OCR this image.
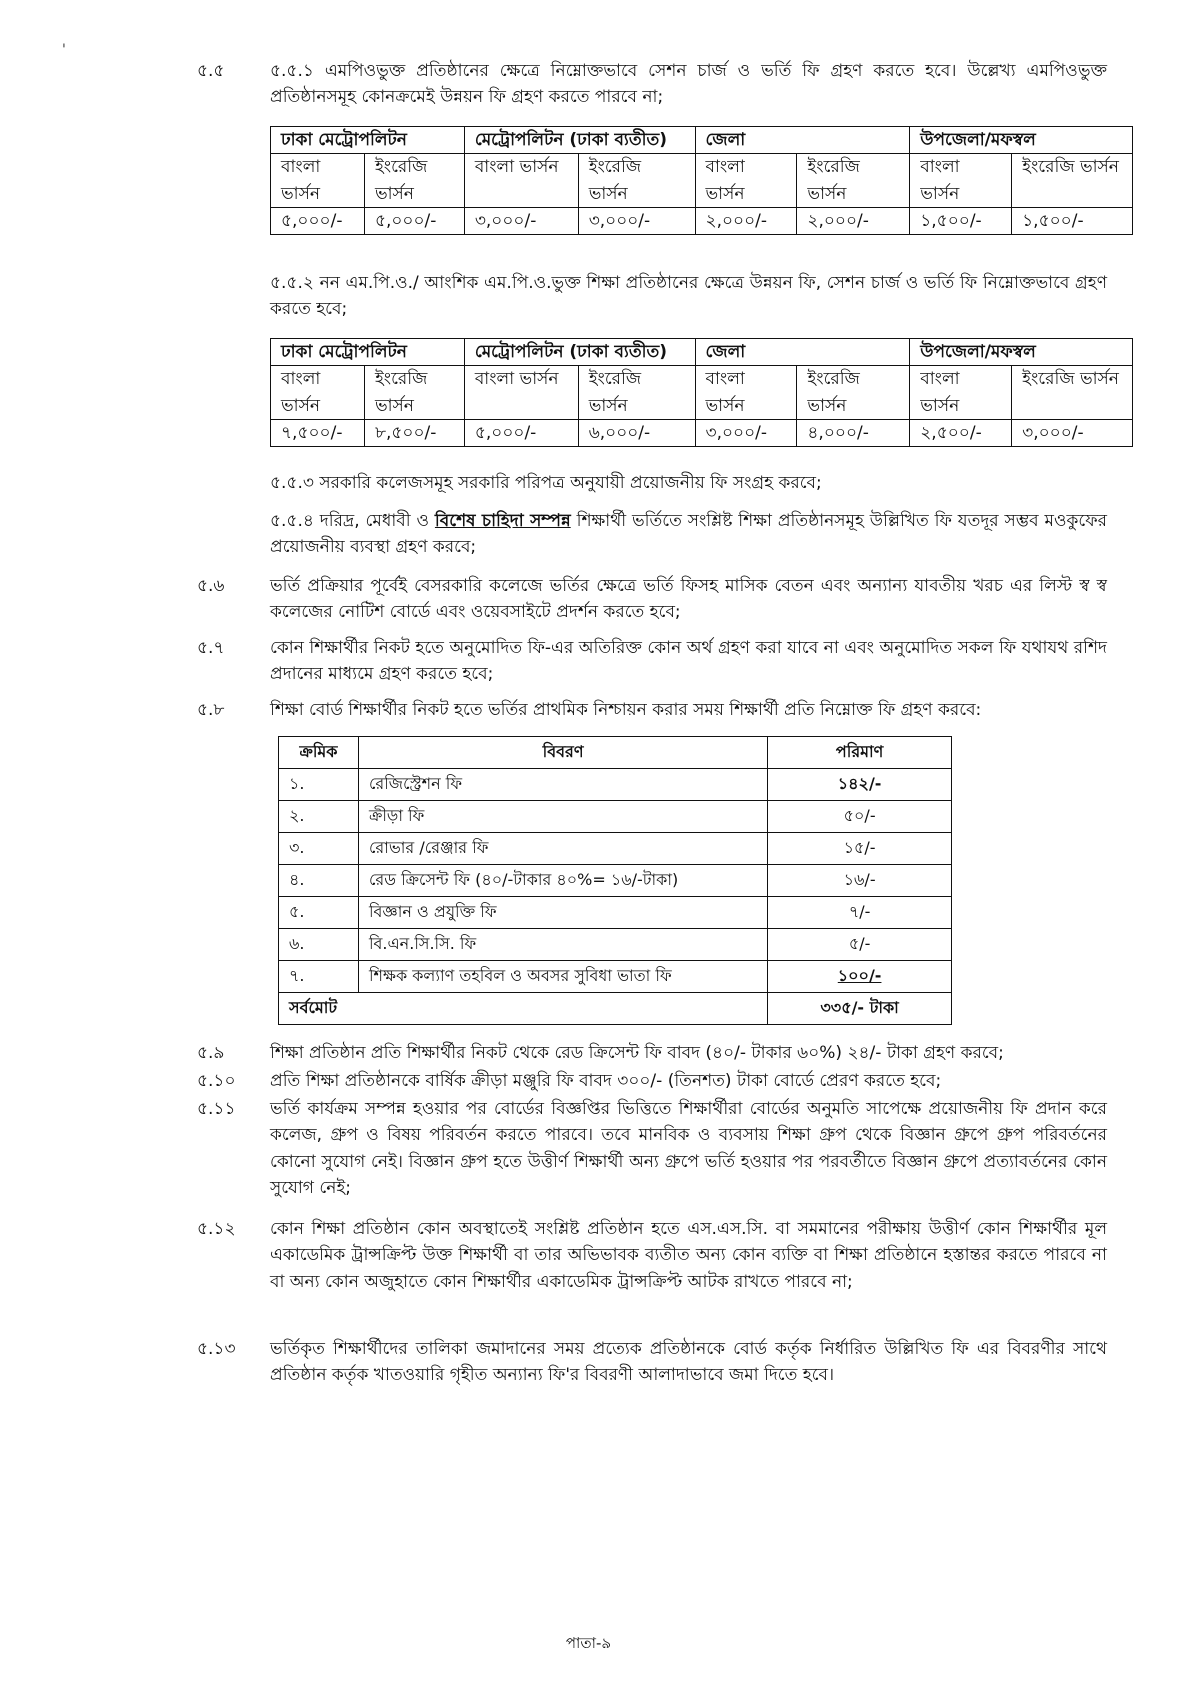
'
৫.৫	৫.৫.১ এমপিওভুক্ত প্রতিষ্ঠানের ক্ষেত্রে নিম্নোক্তভাবে সেশন চার্জ ও ভর্তি ফি গ্রহণ করতে হবে। উল্লেখ্য এমপিওভুক্ত প্রতিষ্ঠানসমূহ কোনক্রমেই উন্নয়ন ফি গ্রহণ করতে পারবে না;
ঢাকা মেট্রোপলিটন		মেট্রোপলিটন (ঢাকা ব্যতীত)		জেলা		উপজেলা/মফস্বল	
বাংলা ভার্সন	ইংরেজি ভার্সন	বাংলা ভার্সন	ইংরেজি ভার্সন	বাংলা ভার্সন	ইংরেজি ভার্সন	বাংলা ভার্সন	ইংরেজি ভার্সন
৫,০০০/-	৫,০০০/-	৩,০০০/-	৩,০০০/-	২,০০০/-	২,০০০/-	১,৫০০/-	১,৫০০/-
৫.৫.২ নন এম.পি.ও./ আংশিক এম.পি.ও.ভুক্ত শিক্ষা প্রতিষ্ঠানের ক্ষেত্রে উন্নয়ন ফি, সেশন চার্জ ও ভর্তি ফি নিম্নোক্তভাবে গ্রহণ করতে হবে;
ঢাকা মেট্রোপলিটন		মেট্রোপলিটন (ঢাকা ব্যতীত)		জেলা		উপজেলা/মফস্বল	
বাংলা ভার্সন	ইংরেজি ভার্সন	বাংলা ভার্সন	ইংরেজি ভার্সন	বাংলা ভার্সন	ইংরেজি ভার্সন	বাংলা ভার্সন	ইংরেজি ভার্সন
৭,৫০০/-	৮,৫০০/-	৫,০০০/-	৬,০০০/-	৩,০০০/-	৪,০০০/-	২,৫০০/-	৩,০০০/-
৫.৫.৩ সরকারি কলেজসমূহ সরকারি পরিপত্র অনুযায়ী প্রয়োজনীয় ফি সংগ্রহ করবে;
৫.৫.৪ দরিদ্র, মেধাবী ও বিশেষ চাহিদা সম্পন্ন শিক্ষার্থী ভর্তিতে সংশ্লিষ্ট শিক্ষা প্রতিষ্ঠানসমূহ উল্লিখিত ফি যতদূর সম্ভব মওকুফের প্রয়োজনীয় ব্যবস্থা গ্রহণ করবে;
৫.৬	ভর্তি প্রক্রিয়ার পূর্বেই বেসরকারি কলেজে ভর্তির ক্ষেত্রে ভর্তি ফিসহ মাসিক বেতন এবং অন্যান্য যাবতীয় খরচ এর লিস্ট স্ব স্ব কলেজের নোটিশ বোর্ডে এবং ওয়েবসাইটে প্রদর্শন করতে হবে;
৫.৭	কোন শিক্ষার্থীর নিকট হতে অনুমোদিত ফি-এর অতিরিক্ত কোন অর্থ গ্রহণ করা যাবে না এবং অনুমোদিত সকল ফি যথাযথ রশিদ প্রদানের মাধ্যমে গ্রহণ করতে হবে;
৫.৮	শিক্ষা বোর্ড শিক্ষার্থীর নিকট হতে ভর্তির প্রাথমিক নিশ্চায়ন করার সময় শিক্ষার্থী প্রতি নিম্নোক্ত ফি গ্রহণ করবে:
ক্রমিক	বিবরণ	পরিমাণ
১.	রেজিস্ট্রেশন ফি	১৪২/-
২.	ক্রীড়া ফি	৫০/-
৩.	রোভার /রেঞ্জার ফি	১৫/-
৪.	রেড ক্রিসেন্ট ফি (৪০/-টাকার ৪০%= ১৬/-টাকা)	১৬/-
৫.	বিজ্ঞান ও প্রযুক্তি ফি	৭/-
৬.	বি.এন.সি.সি. ফি	৫/-
৭.	শিক্ষক কল্যাণ তহবিল ও অবসর সুবিধা ভাতা ফি	১০০/-
সর্বমোট		৩৩৫/- টাকা
৫.৯	শিক্ষা প্রতিষ্ঠান প্রতি শিক্ষার্থীর নিকট থেকে রেড ক্রিসেন্ট ফি বাবদ (৪০/- টাকার ৬০%) ২৪/- টাকা গ্রহণ করবে;
৫.১০	প্রতি শিক্ষা প্রতিষ্ঠানকে বার্ষিক ক্রীড়া মঞ্জুরি ফি বাবদ ৩০০/- (তিনশত) টাকা বোর্ডে প্রেরণ করতে হবে;
৫.১১	ভর্তি কার্যক্রম সম্পন্ন হওয়ার পর বোর্ডের বিজ্ঞপ্তির ভিত্তিতে শিক্ষার্থীরা বোর্ডের অনুমতি সাপেক্ষে প্রয়োজনীয় ফি প্রদান করে কলেজ, গ্রুপ ও বিষয় পরিবর্তন করতে পারবে। তবে মানবিক ও ব্যবসায় শিক্ষা গ্রুপ থেকে বিজ্ঞান গ্রুপে গ্রুপ পরিবর্তনের কোনো সুযোগ নেই। বিজ্ঞান গ্রুপ হতে উত্তীর্ণ শিক্ষার্থী অন্য গ্রুপে ভর্তি হওয়ার পর পরবর্তীতে বিজ্ঞান গ্রুপে প্রত্যাবর্তনের কোন সুযোগ নেই;
৫.১২	কোন শিক্ষা প্রতিষ্ঠান কোন অবস্থাতেই সংশ্লিষ্ট প্রতিষ্ঠান হতে এস.এস.সি. বা সমমানের পরীক্ষায় উত্তীর্ণ কোন শিক্ষার্থীর মূল একাডেমিক ট্রান্সক্রিপ্ট উক্ত শিক্ষার্থী বা তার অভিভাবক ব্যতীত অন্য কোন ব্যক্তি বা শিক্ষা প্রতিষ্ঠানে হস্তান্তর করতে পারবে না বা অন্য কোন অজুহাতে কোন শিক্ষার্থীর একাডেমিক ট্রান্সক্রিপ্ট আটক রাখতে পারবে না;
৫.১৩	ভর্তিকৃত শিক্ষার্থীদের তালিকা জমাদানের সময় প্রত্যেক প্রতিষ্ঠানকে বোর্ড কর্তৃক নির্ধারিত উল্লিখিত ফি এর বিবরণীর সাথে প্রতিষ্ঠান কর্তৃক খাতওয়ারি গৃহীত অন্যান্য ফি'র বিবরণী আলাদাভাবে জমা দিতে হবে।
পাতা-৯
